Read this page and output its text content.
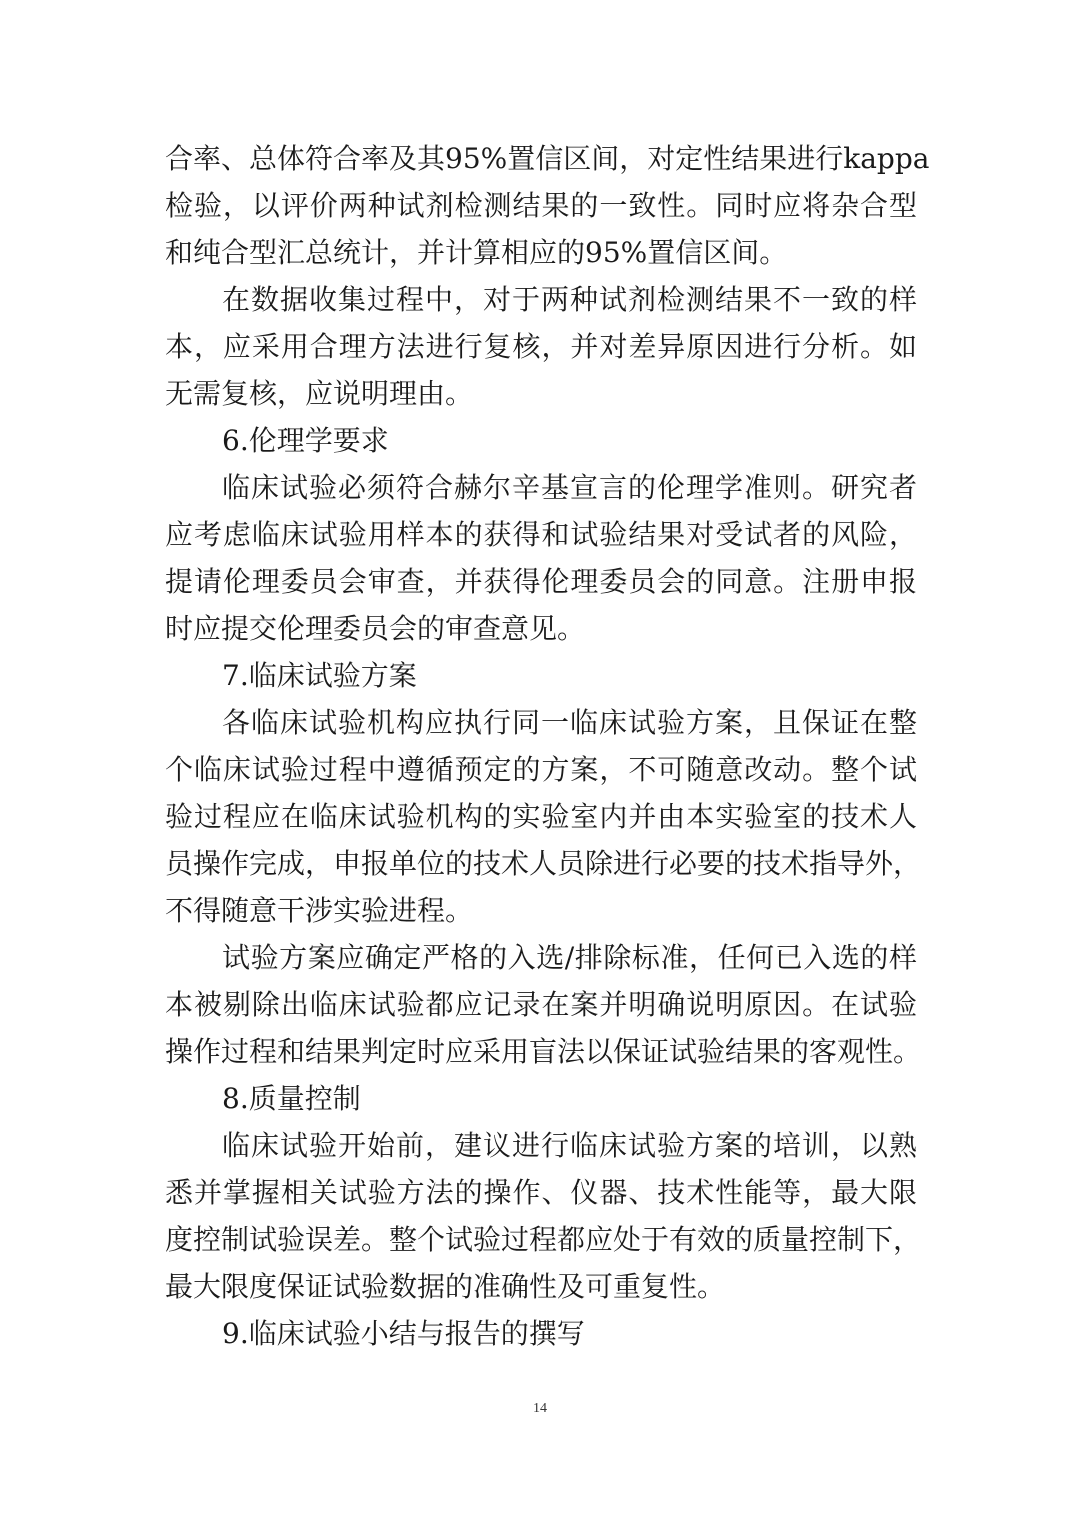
合率、总体符合率及其95%置信区间，对定性结果进行kappa
检验，以评价两种试剂检测结果的一致性。同时应将杂合型
和纯合型汇总统计，并计算相应的95%置信区间。
在数据收集过程中，对于两种试剂检测结果不一致的样
本，应采用合理方法进行复核，并对差异原因进行分析。如
无需复核，应说明理由。
6.伦理学要求
临床试验必须符合赫尔辛基宣言的伦理学准则。研究者
应考虑临床试验用样本的获得和试验结果对受试者的风险，
提请伦理委员会审查，并获得伦理委员会的同意。注册申报
时应提交伦理委员会的审查意见。
7.临床试验方案
各临床试验机构应执行同一临床试验方案，且保证在整
个临床试验过程中遵循预定的方案，不可随意改动。整个试
验过程应在临床试验机构的实验室内并由本实验室的技术人
员操作完成，申报单位的技术人员除进行必要的技术指导外，
不得随意干涉实验进程。
试验方案应确定严格的入选/排除标准，任何已入选的样
本被剔除出临床试验都应记录在案并明确说明原因。在试验
操作过程和结果判定时应采用盲法以保证试验结果的客观性。
8.质量控制
临床试验开始前，建议进行临床试验方案的培训，以熟
悉并掌握相关试验方法的操作、仪器、技术性能等，最大限
度控制试验误差。整个试验过程都应处于有效的质量控制下，
最大限度保证试验数据的准确性及可重复性。
9.临床试验小结与报告的撰写
14
